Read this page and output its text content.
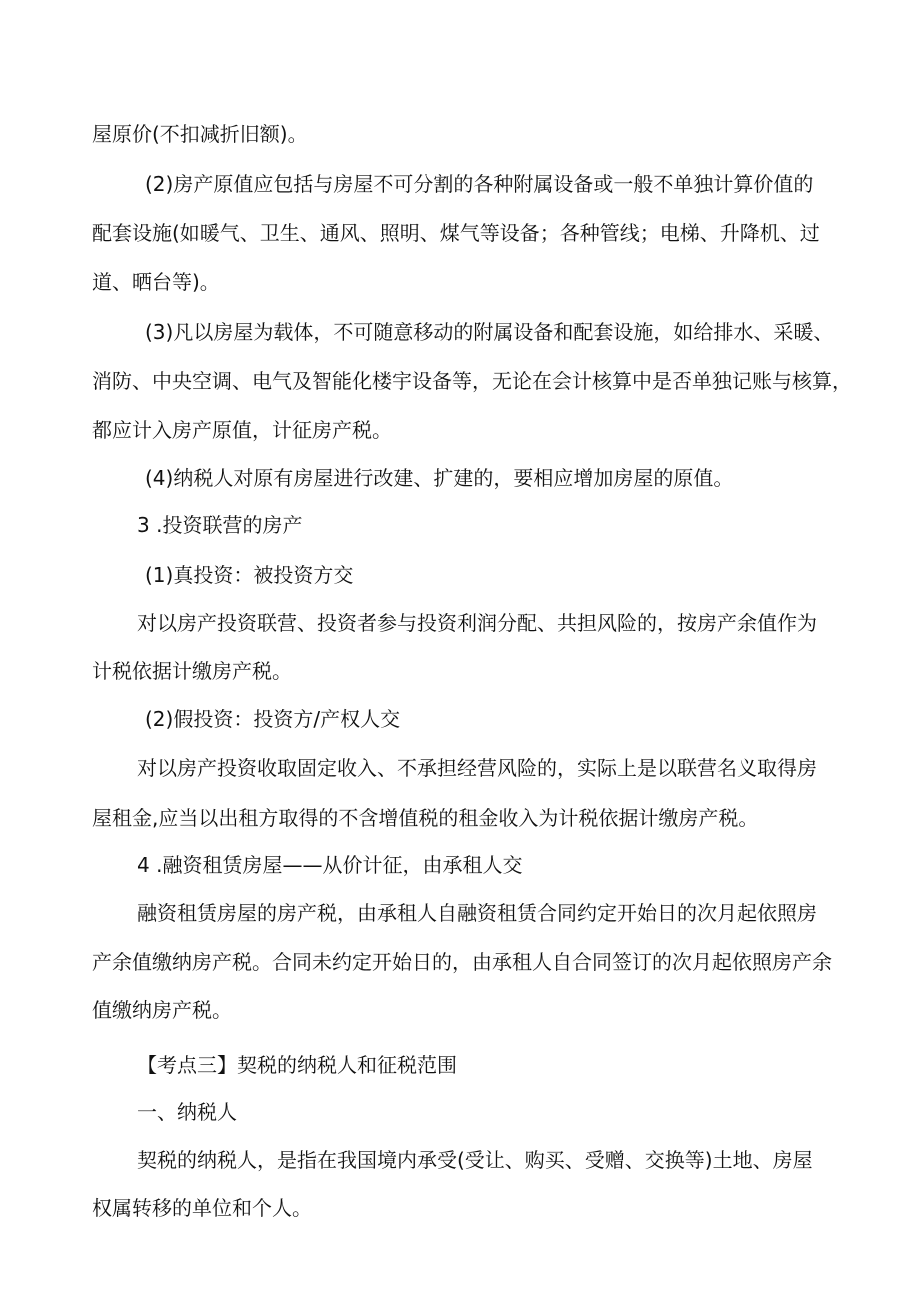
屋原价(不扣减折旧额)。
(2)房产原值应包括与房屋不可分割的各种附属设备或一般不单独计算价值的
配套设施(如暖气、卫生、通风、照明、煤气等设备；各种管线；电梯、升降机、过
道、晒台等)。
(3)凡以房屋为载体，不可随意移动的附属设备和配套设施，如给排水、采暖、
消防、中央空调、电气及智能化楼宇设备等，无论在会计核算中是否单独记账与核算，
都应计入房产原值，计征房产税。
(4)纳税人对原有房屋进行改建、扩建的，要相应增加房屋的原值。
3 .投资联营的房产
(1)真投资：被投资方交
对以房产投资联营、投资者参与投资利润分配、共担风险的，按房产余值作为
计税依据计缴房产税。
(2)假投资：投资方/产权人交
对以房产投资收取固定收入、不承担经营风险的，实际上是以联营名义取得房
屋租金,应当以出租方取得的不含增值税的租金收入为计税依据计缴房产税。
4 .融资租赁房屋——从价计征，由承租人交
融资租赁房屋的房产税，由承租人自融资租赁合同约定开始日的次月起依照房
产余值缴纳房产税。合同未约定开始日的，由承租人自合同签订的次月起依照房产余
值缴纳房产税。
【考点三】契税的纳税人和征税范围
一、纳税人
契税的纳税人，是指在我国境内承受(受让、购买、受赠、交换等)土地、房屋
权属转移的单位和个人。
